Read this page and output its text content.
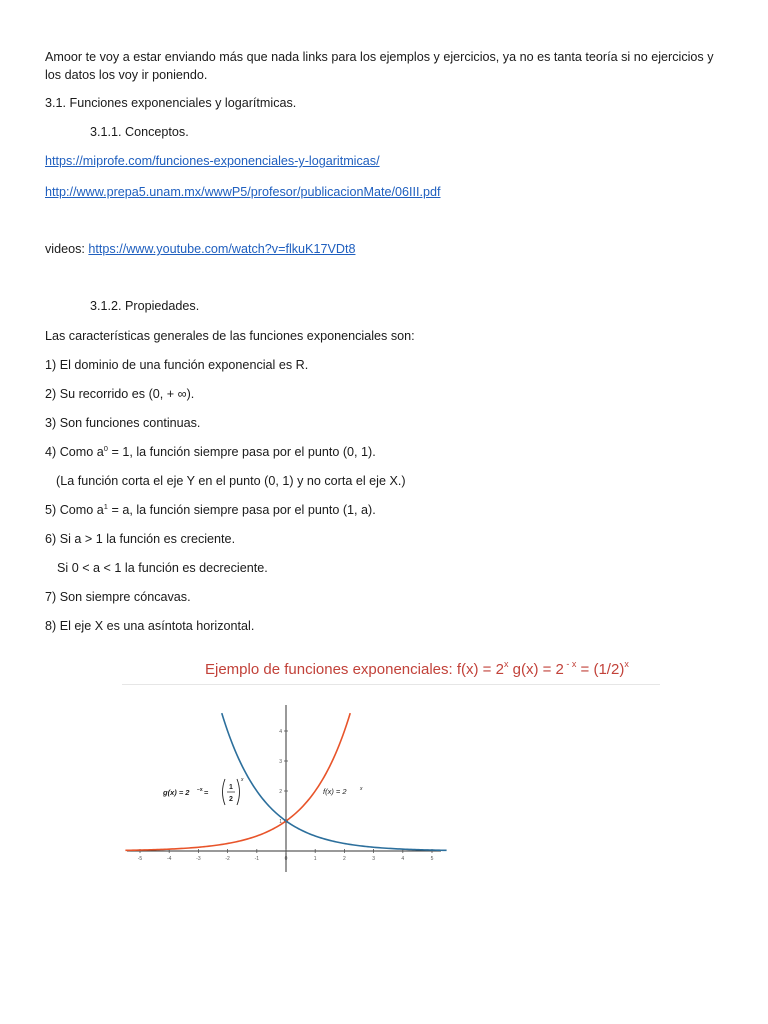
Amoor te voy a estar enviando más que nada links para los ejemplos y ejercicios, ya no es tanta teoría si no ejercicios y los datos los voy ir poniendo.
3.1. Funciones exponenciales y logarítmicas.
3.1.1. Conceptos.
https://miprofe.com/funciones-exponenciales-y-logaritmicas/
http://www.prepa5.unam.mx/wwwP5/profesor/publicacionMate/06III.pdf
videos: https://www.youtube.com/watch?v=flkuK17VDt8
3.1.2. Propiedades.
Las características generales de las funciones exponenciales son:
1) El dominio de una función exponencial es R.
2) Su recorrido es (0, + ∞).
3) Son funciones continuas.
4) Como $a^0 = 1$, la función siempre pasa por el punto (0, 1).
(La función corta el eje Y en el punto (0, 1) y no corta el eje X.)
5) Como $a^1 = a$, la función siempre pasa por el punto (1, a).
6) Si a > 1 la función es creciente.
Si 0 < a < 1 la función es decreciente.
7) Son siempre cóncavas.
8) El eje X es una asíntota horizontal.
Ejemplo de funciones exponenciales: $f(x) = 2^x$ g(x) = 2 $^{- x} = (1/2)^x$
-5	-4	-3	-2	-1	0	1	2	3	4	5
1
2
3
4
f(x) = 2	x
g(x) = 2 −x =
1
2
x
